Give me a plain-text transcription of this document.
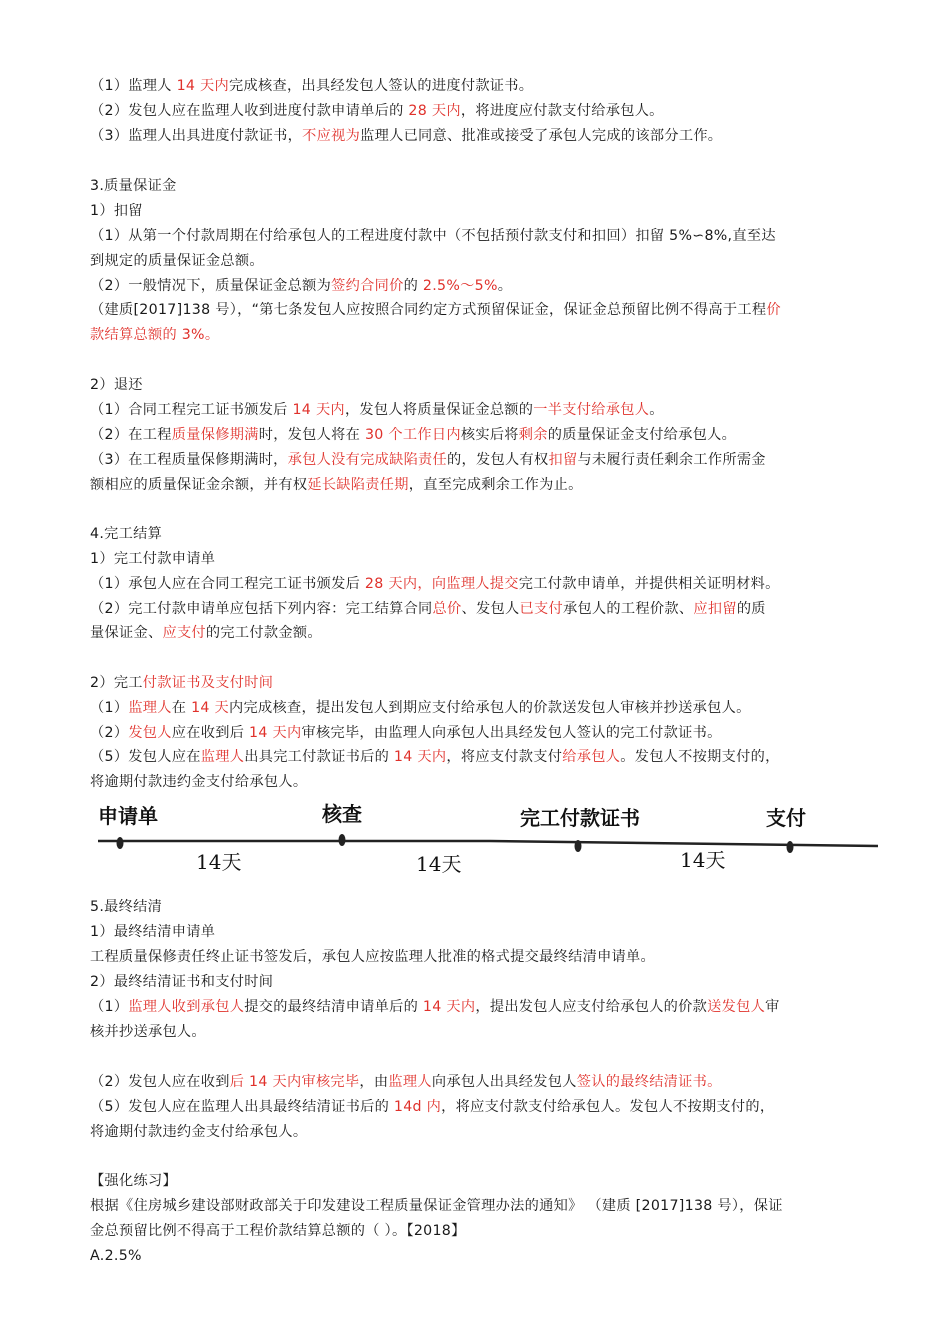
（1）监理人 14 天内完成核查，出具经发包人签认的进度付款证书。
（2）发包人应在监理人收到进度付款申请单后的 28 天内，将进度应付款支付给承包人。
（3）监理人出具进度付款证书，不应视为监理人已同意、批准或接受了承包人完成的该部分工作。
3.质量保证金
1）扣留
（1）从第一个付款周期在付给承包人的工程进度付款中（不包括预付款支付和扣回）扣留 5%∽8%,直至达
到规定的质量保证金总额。
（2）一般情况下，质量保证金总额为签约合同价的 2.5%～5%。
（建质[2017]138 号），“第七条发包人应按照合同约定方式预留保证金，保证金总预留比例不得高于工程价
款结算总额的 3%。
2）退还
（1）合同工程完工证书颁发后 14 天内，发包人将质量保证金总额的一半支付给承包人。
（2）在工程质量保修期满时，发包人将在 30 个工作日内核实后将剩余的质量保证金支付给承包人。
（3）在工程质量保修期满时，承包人没有完成缺陷责任的，发包人有权扣留与未履行责任剩余工作所需金
额相应的质量保证金余额，并有权延长缺陷责任期，直至完成剩余工作为止。
4.完工结算
1）完工付款申请单
（1）承包人应在合同工程完工证书颁发后 28 天内，向监理人提交完工付款申请单，并提供相关证明材料。
（2）完工付款申请单应包括下列内容：完工结算合同总价、发包人已支付承包人的工程价款、应扣留的质
量保证金、应支付的完工付款金额。
2）完工付款证书及支付时间
（1）监理人在 14 天内完成核查，提出发包人到期应支付给承包人的价款送发包人审核并抄送承包人。
（2）发包人应在收到后 14 天内审核完毕，由监理人向承包人出具经发包人签认的完工付款证书。
（5）发包人应在监理人出具完工付款证书后的 14 天内，将应支付款支付给承包人。发包人不按期支付的，
将逾期付款违约金支付给承包人。
5.最终结清
1）最终结清申请单
工程质量保修责任终止证书签发后，承包人应按监理人批准的格式提交最终结清申请单。
2）最终结清证书和支付时间
（1）监理人收到承包人提交的最终结清申请单后的 14 天内，提出发包人应支付给承包人的价款送发包人审
核并抄送承包人。
（2）发包人应在收到后 14 天内审核完毕，由监理人向承包人出具经发包人签认的最终结清证书。
（5）发包人应在监理人出具最终结清证书后的 14d 内，将应支付款支付给承包人。发包人不按期支付的，
将逾期付款违约金支付给承包人。
【强化练习】
根据《住房城乡建设部财政部关于印发建设工程质量保证金管理办法的通知》 （建质 [2017]138 号），保证
金总预留比例不得高于工程价款结算总额的（ ）。【2018】
A.2.5%
申请单	核查	完工付款证书	支付
14天	14天	14天
